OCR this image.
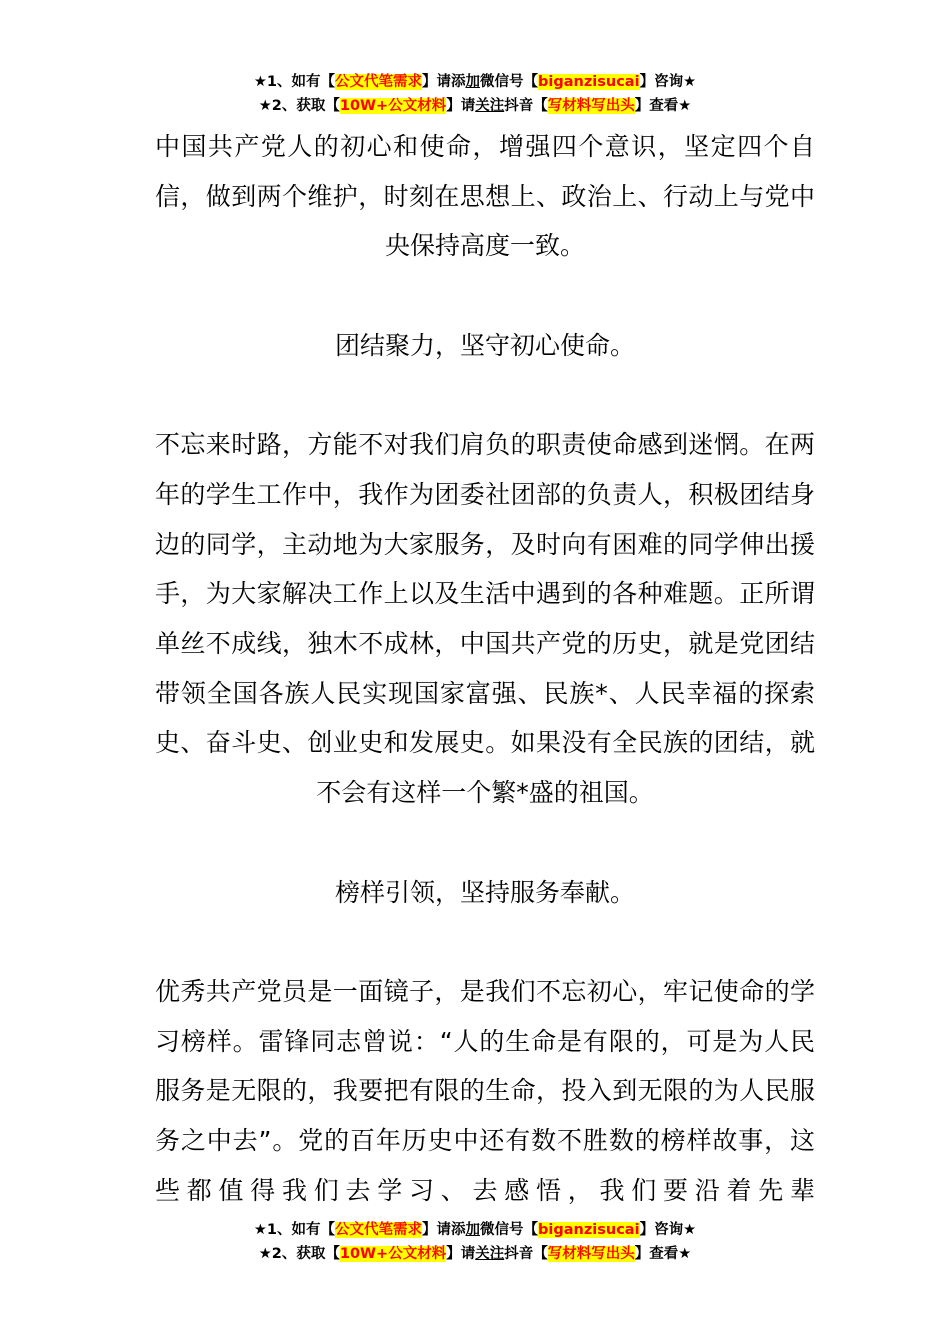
★1、如有【公文代笔需求】请添加微信号【biganzisucai】咨询★
★2、获取【10W+公文材料】请关注抖音【写材料写出头】查看★

中国共产党人的初心和使命，增强四个意识，坚定四个自信，做到两个维护，时刻在思想上、政治上、行动上与党中央保持高度一致。

团结聚力，坚守初心使命。

不忘来时路，方能不对我们肩负的职责使命感到迷惘。在两年的学生工作中，我作为团委社团部的负责人，积极团结身边的同学，主动地为大家服务，及时向有困难的同学伸出援手，为大家解决工作上以及生活中遇到的各种难题。正所谓单丝不成线，独木不成林，中国共产党的历史，就是党团结带领全国各族人民实现国家富强、民族*、人民幸福的探索史、奋斗史、创业史和发展史。如果没有全民族的团结，就不会有这样一个繁*盛的祖国。

榜样引领，坚持服务奉献。

优秀共产党员是一面镜子，是我们不忘初心，牢记使命的学习榜样。雷锋同志曾说：“人的生命是有限的，可是为人民服务是无限的，我要把有限的生命，投入到无限的为人民服务之中去”。党的百年历史中还有数不胜数的榜样故事，这些都值得我们去学习、去感悟，我们要沿着先辈

★1、如有【公文代笔需求】请添加微信号【biganzisucai】咨询★
★2、获取【10W+公文材料】请关注抖音【写材料写出头】查看★
